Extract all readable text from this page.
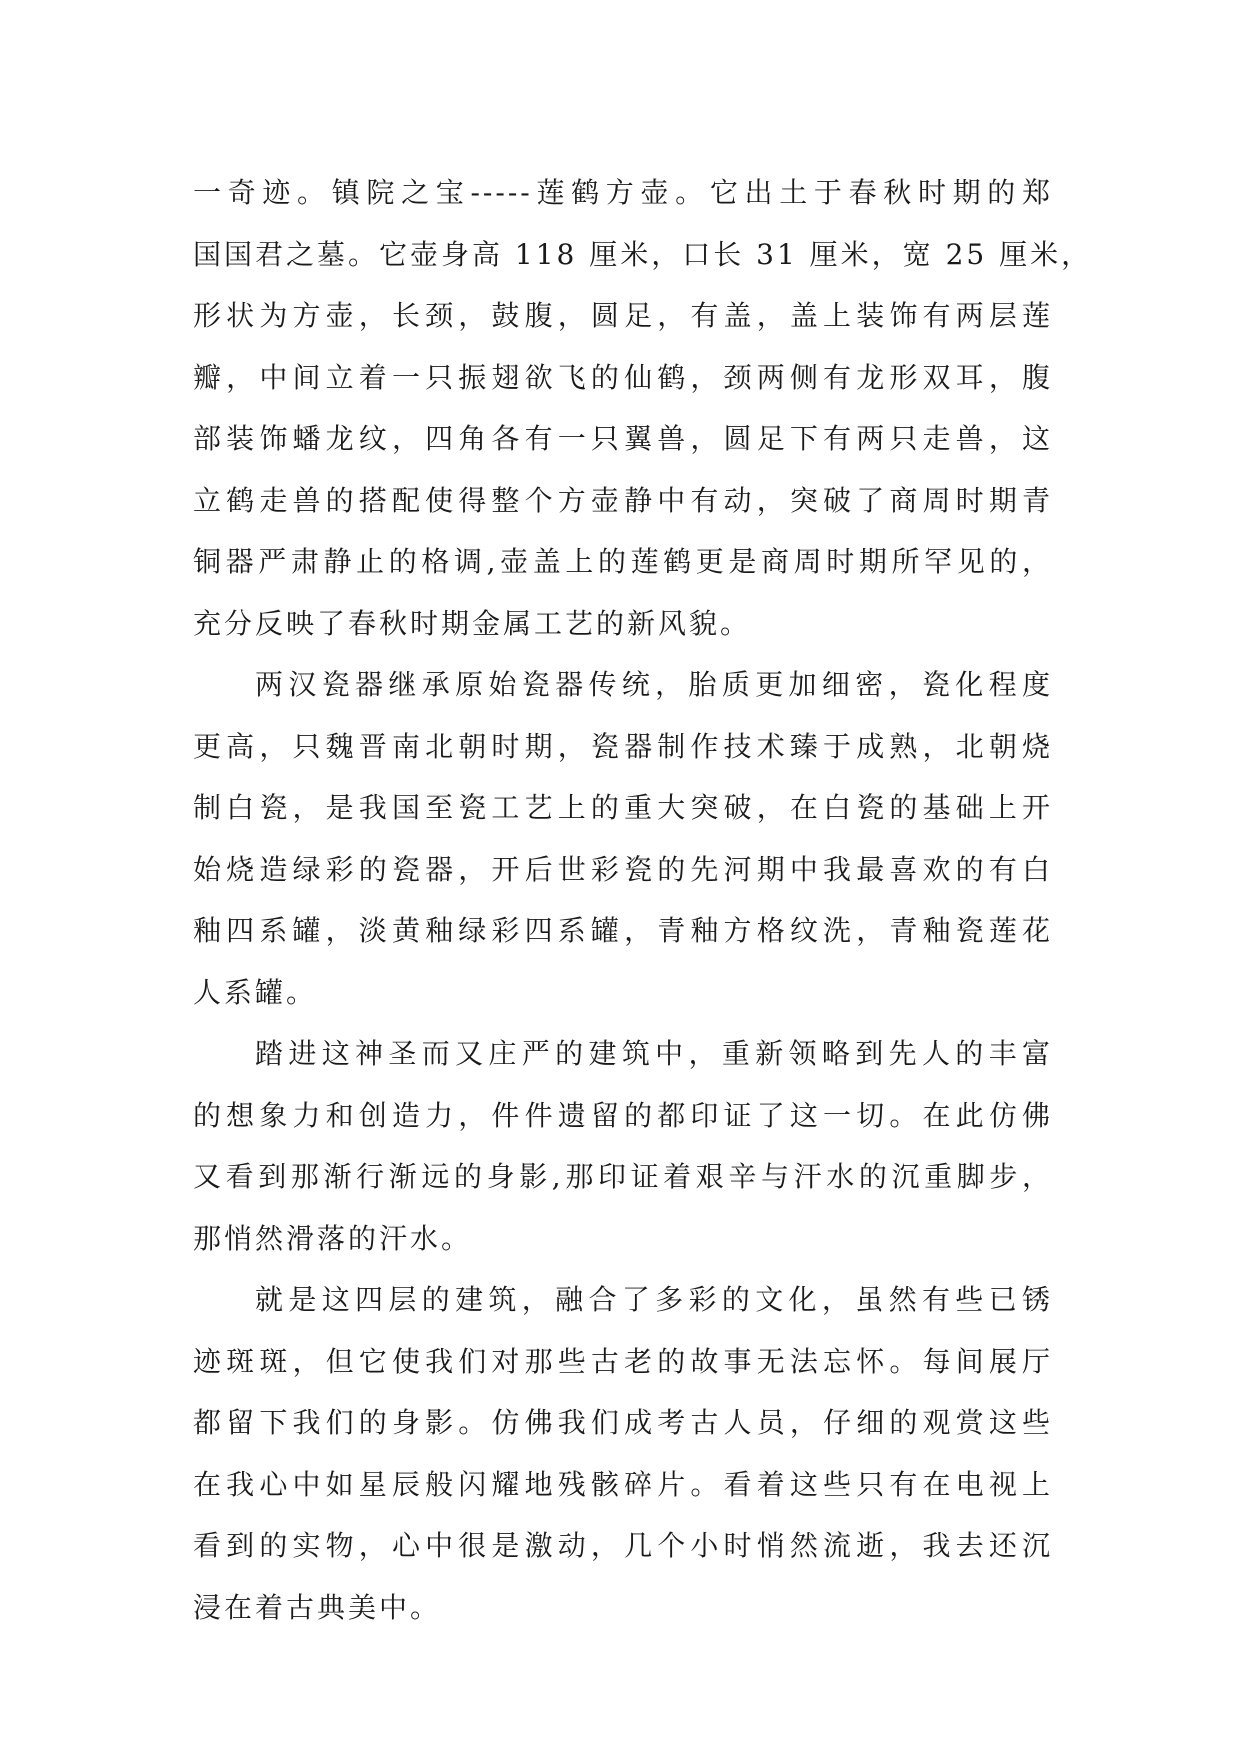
一奇迹。镇院之宝-----莲鹤方壶。它出土于春秋时期的郑
国国君之墓。它壶身高 118 厘米，口长 31 厘米，宽 25 厘米，
形状为方壶，长颈，鼓腹，圆足，有盖，盖上装饰有两层莲
瓣，中间立着一只振翅欲飞的仙鹤，颈两侧有龙形双耳，腹
部装饰蟠龙纹，四角各有一只翼兽，圆足下有两只走兽，这
立鹤走兽的搭配使得整个方壶静中有动，突破了商周时期青
铜器严肃静止的格调,壶盖上的莲鹤更是商周时期所罕见的，
充分反映了春秋时期金属工艺的新风貌。
两汉瓷器继承原始瓷器传统，胎质更加细密，瓷化程度
更高，只魏晋南北朝时期，瓷器制作技术臻于成熟，北朝烧
制白瓷，是我国至瓷工艺上的重大突破，在白瓷的基础上开
始烧造绿彩的瓷器，开后世彩瓷的先河期中我最喜欢的有白
釉四系罐，淡黄釉绿彩四系罐，青釉方格纹洗，青釉瓷莲花
人系罐。
踏进这神圣而又庄严的建筑中，重新领略到先人的丰富
的想象力和创造力，件件遗留的都印证了这一切。在此仿佛
又看到那渐行渐远的身影,那印证着艰辛与汗水的沉重脚步，
那悄然滑落的汗水。
就是这四层的建筑，融合了多彩的文化，虽然有些已锈
迹斑斑，但它使我们对那些古老的故事无法忘怀。每间展厅
都留下我们的身影。仿佛我们成考古人员，仔细的观赏这些
在我心中如星辰般闪耀地残骸碎片。看着这些只有在电视上
看到的实物，心中很是激动，几个小时悄然流逝，我去还沉
浸在着古典美中。
